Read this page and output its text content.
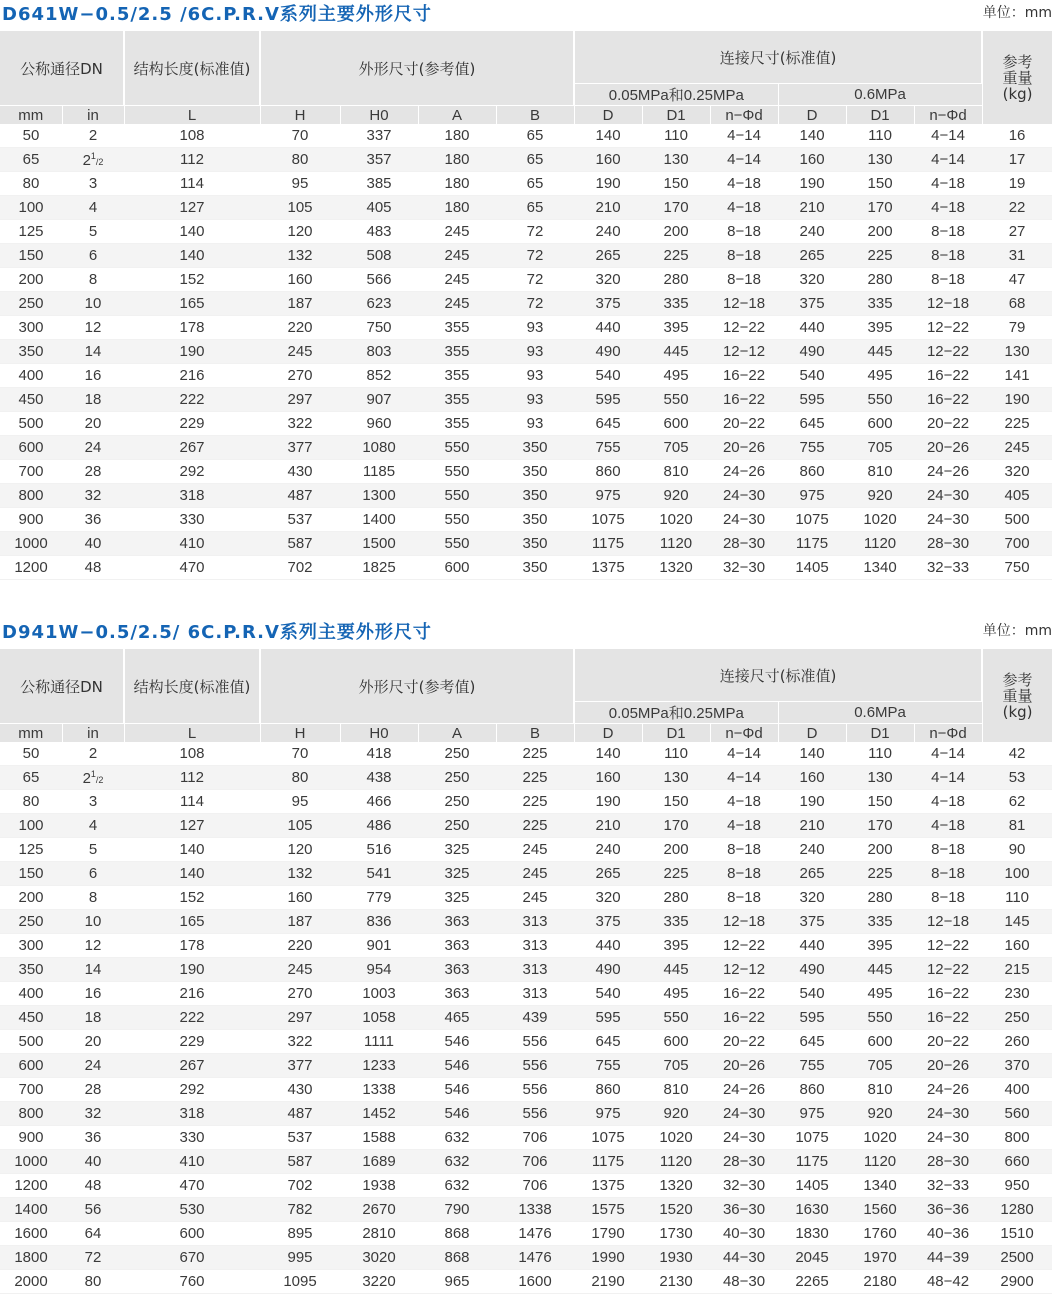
D641W−0.5/2.5 /6C.P.R.V系列主要外形尺寸	单位：mm
公称通径DN		结构长度(标准值)	外形尺寸(参考值)				连接尺寸(标准值)						参考
重量
(kg)

							0.05MPa和0.25MPa			0.6MPa			
mm	in	L	H	H0	A	B	D	D1	n−Φd	D	D1	n−Φd	
50	2	108	70	337	180	65	140	110	4−14	140	110	4−14	16
65	$2^1/2$	112	80	357	180	65	160	130	4−14	160	130	4−14	17
80	3	114	95	385	180	65	190	150	4−18	190	150	4−18	19
100	4	127	105	405	180	65	210	170	4−18	210	170	4−18	22
125	5	140	120	483	245	72	240	200	8−18	240	200	8−18	27
150	6	140	132	508	245	72	265	225	8−18	265	225	8−18	31
200	8	152	160	566	245	72	320	280	8−18	320	280	8−18	47
250	10	165	187	623	245	72	375	335	12−18	375	335	12−18	68
300	12	178	220	750	355	93	440	395	12−22	440	395	12−22	79
350	14	190	245	803	355	93	490	445	12−12	490	445	12−22	130
400	16	216	270	852	355	93	540	495	16−22	540	495	16−22	141
450	18	222	297	907	355	93	595	550	16−22	595	550	16−22	190
500	20	229	322	960	355	93	645	600	20−22	645	600	20−22	225
600	24	267	377	1080	550	350	755	705	20−26	755	705	20−26	245
700	28	292	430	1185	550	350	860	810	24−26	860	810	24−26	320
800	32	318	487	1300	550	350	975	920	24−30	975	920	24−30	405
900	36	330	537	1400	550	350	1075	1020	24−30	1075	1020	24−30	500
1000	40	410	587	1500	550	350	1175	1120	28−30	1175	1120	28−30	700
1200	48	470	702	1825	600	350	1375	1320	32−30	1405	1340	32−33	750
D941W−0.5/2.5/ 6C.P.R.V系列主要外形尺寸	单位：mm
公称通径DN		结构长度(标准值)	外形尺寸(参考值)				连接尺寸(标准值)						参考
重量
(kg)

							0.05MPa和0.25MPa			0.6MPa			
mm	in	L	H	H0	A	B	D	D1	n−Φd	D	D1	n−Φd	
50	2	108	70	418	250	225	140	110	4−14	140	110	4−14	42
65	$2^1/2$	112	80	438	250	225	160	130	4−14	160	130	4−14	53
80	3	114	95	466	250	225	190	150	4−18	190	150	4−18	62
100	4	127	105	486	250	225	210	170	4−18	210	170	4−18	81
125	5	140	120	516	325	245	240	200	8−18	240	200	8−18	90
150	6	140	132	541	325	245	265	225	8−18	265	225	8−18	100
200	8	152	160	779	325	245	320	280	8−18	320	280	8−18	110
250	10	165	187	836	363	313	375	335	12−18	375	335	12−18	145
300	12	178	220	901	363	313	440	395	12−22	440	395	12−22	160
350	14	190	245	954	363	313	490	445	12−12	490	445	12−22	215
400	16	216	270	1003	363	313	540	495	16−22	540	495	16−22	230
450	18	222	297	1058	465	439	595	550	16−22	595	550	16−22	250
500	20	229	322	1111	546	556	645	600	20−22	645	600	20−22	260
600	24	267	377	1233	546	556	755	705	20−26	755	705	20−26	370
700	28	292	430	1338	546	556	860	810	24−26	860	810	24−26	400
800	32	318	487	1452	546	556	975	920	24−30	975	920	24−30	560
900	36	330	537	1588	632	706	1075	1020	24−30	1075	1020	24−30	800
1000	40	410	587	1689	632	706	1175	1120	28−30	1175	1120	28−30	660
1200	48	470	702	1938	632	706	1375	1320	32−30	1405	1340	32−33	950
1400	56	530	782	2670	790	1338	1575	1520	36−30	1630	1560	36−36	1280
1600	64	600	895	2810	868	1476	1790	1730	40−30	1830	1760	40−36	1510
1800	72	670	995	3020	868	1476	1990	1930	44−30	2045	1970	44−39	2500
2000	80	760	1095	3220	965	1600	2190	2130	48−30	2265	2180	48−42	2900
